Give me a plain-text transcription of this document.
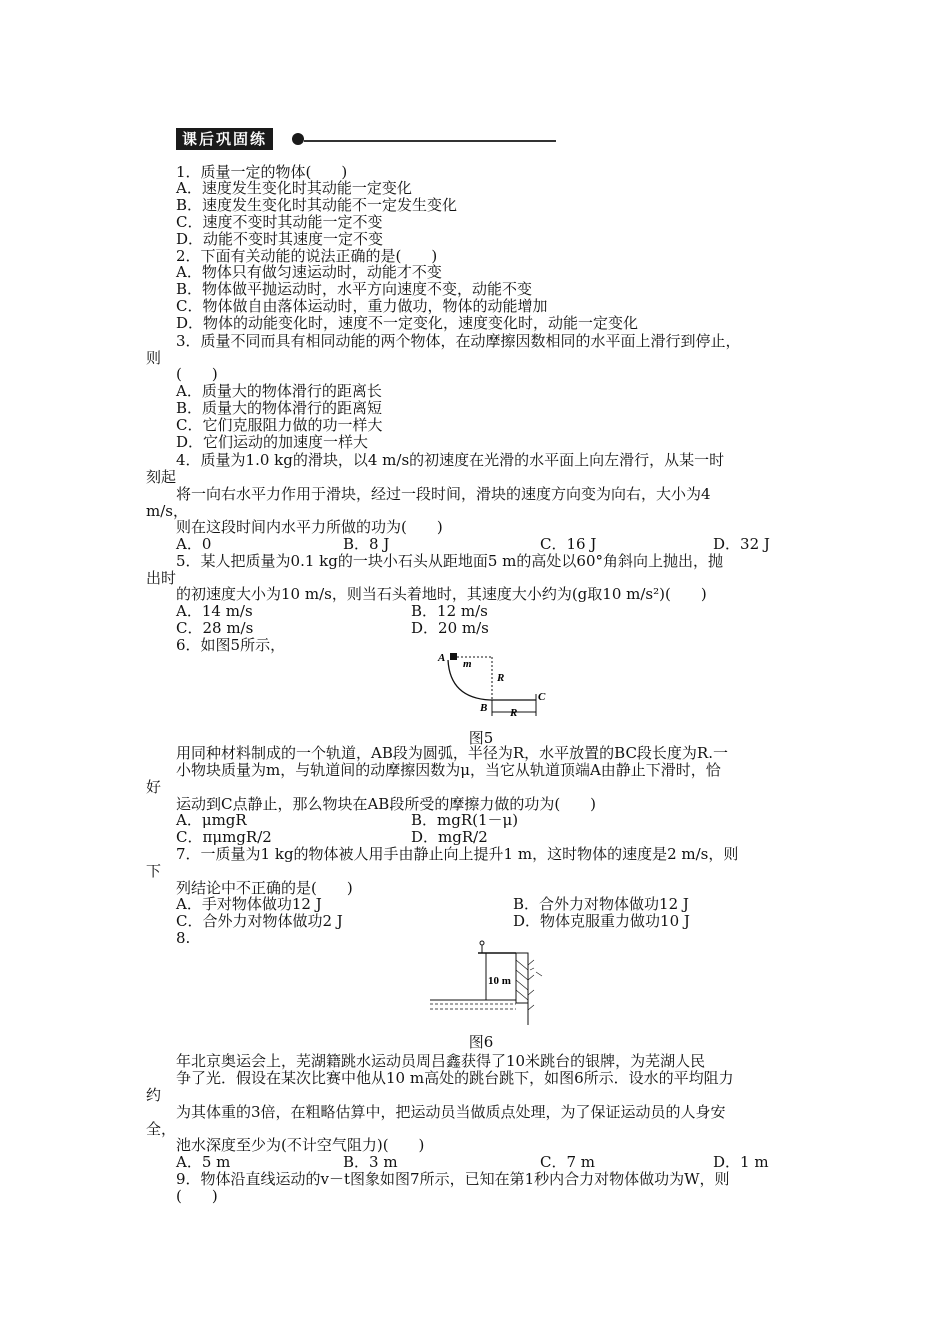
课后巩固练
1．质量一定的物体(　　)
A．速度发生变化时其动能一定变化
B．速度发生变化时其动能不一定发生变化
C．速度不变时其动能一定不变
D．动能不变时其速度一定不变
2．下面有关动能的说法正确的是(　　)
A．物体只有做匀速运动时，动能才不变
B．物体做平抛运动时，水平方向速度不变，动能不变
C．物体做自由落体运动时，重力做功，物体的动能增加
D．物体的动能变化时，速度不一定变化，速度变化时，动能一定变化
3．质量不同而具有相同动能的两个物体，在动摩擦因数相同的水平面上滑行到停止，
则
(　　)
A．质量大的物体滑行的距离长
B．质量大的物体滑行的距离短
C．它们克服阻力做的功一样大
D．它们运动的加速度一样大
4．质量为1.0 kg的滑块，以4 m/s的初速度在光滑的水平面上向左滑行，从某一时
刻起
将一向右水平力作用于滑块，经过一段时间，滑块的速度方向变为向右，大小为4
m/s，
则在这段时间内水平力所做的功为(　　)
A．0	B．8 J	C．16 J	D．32 J
5．某人把质量为0.1 kg的一块小石头从距地面5 m的高处以60°角斜向上抛出，抛
出时
的初速度大小为10 m/s，则当石头着地时，其速度大小约为(g取10 m/s²)(　　)
A．14 m/s	B．12 m/s
C．28 m/s	D．20 m/s
6．如图5所示，
用同种材料制成的一个轨道，AB段为圆弧，半径为R，水平放置的BC段长度为R.一
小物块质量为m，与轨道间的动摩擦因数为μ，当它从轨道顶端A由静止下滑时，恰
好
运动到C点静止，那么物块在AB段所受的摩擦力做的功为(　　)
A．μmgR	B．mgR(1－μ)
C．πμmgR/2	D．mgR/2
7．一质量为1 kg的物体被人用手由静止向上提升1 m，这时物体的速度是2 m/s，则
下
列结论中不正确的是(　　)
A．手对物体做功12 J	B．合外力对物体做功12 J
C．合外力对物体做功2 J	D．物体克服重力做功10 J
8.
年北京奥运会上，芜湖籍跳水运动员周吕鑫获得了10米跳台的银牌，为芜湖人民
争了光．假设在某次比赛中他从10 m高处的跳台跳下，如图6所示．设水的平均阻力
约
为其体重的3倍，在粗略估算中，把运动员当做质点处理，为了保证运动员的人身安
全，
池水深度至少为(不计空气阻力)(　　)
A．5 m	B．3 m	C．7 m	D．1 m
9．物体沿直线运动的v－t图象如图7所示，已知在第1秒内合力对物体做功为W，则
(　　)
A m
R
B
C
R
图5
10 m
图6
